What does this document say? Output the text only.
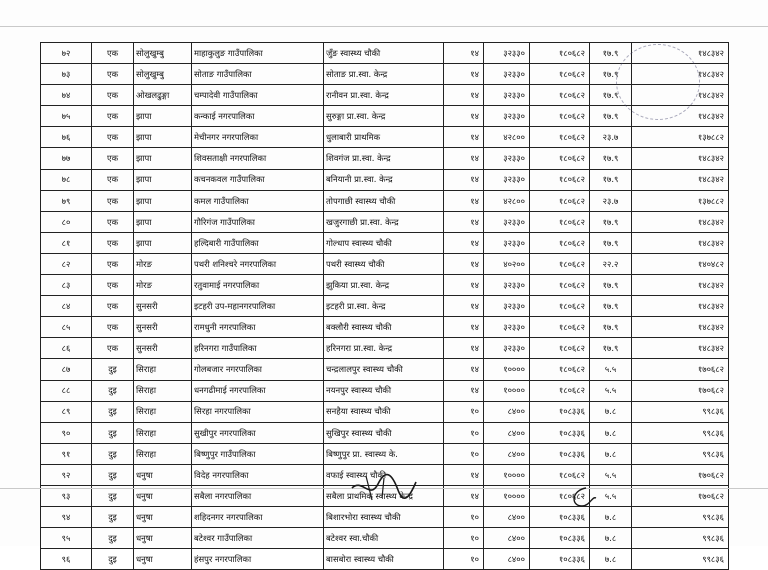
७२	एक	सोलुखुम्बु	माहाकुलुङ गाउँपालिका	जुँङ स्वास्थ्य चौकी	१४	३२३३०	१८०६८२	१७.९	१४८३४२
७३	एक	सोलुखुम्बु	सोताङ गाउँपालिका	सोताङ प्रा.स्वा. केन्द्र	१४	३२३३०	१८०६८२	१७.९	१४८३४२
७४	एक	ओखलढुङ्गा	चम्पादेवी गाउँपालिका	रानीवन प्रा.स्वा. केन्द्र	१४	३२३३०	१८०६८२	१७.९	१४८३४२
७५	एक	झापा	कन्काई नगरपालिका	सुरुङ्गा प्रा.स्वा. केन्द्र	१४	३२३३०	१८०६८२	१७.९	१४८३४२
७६	एक	झापा	मेचीनगर नगरपालिका	धुलाबारी प्राथमिक	१४	४२८००	१८०६८२	२३.७	१३७८८२
७७	एक	झापा	शिवसताक्षी नगरपालिका	शिवगंज प्रा.स्वा. केन्द्र	१४	३२३३०	१८०६८२	१७.९	१४८३४२
७८	एक	झापा	कचनकवल गाउँपालिका	बनियानी प्रा.स्वा. केन्द्र	१४	३२३३०	१८०६८२	१७.९	१४८३४२
७९	एक	झापा	कमल गाउँपालिका	तोपगाछी स्वास्थ्य चौकी	१४	४२८००	१८०६८२	२३.७	१३७८८२
८०	एक	झापा	गौरिगंज गाउँपालिका	खजुरगाछी प्रा.स्वा. केन्द्र	१४	३२३३०	१८०६८२	१७.९	१४८३४२
८१	एक	झापा	हल्दिबारी गाउँपालिका	गोल्धाप स्वास्थ्य चौकी	१४	३२३३०	१८०६८२	१७.९	१४८३४२
८२	एक	मोरङ	पथरी शनिश्चरे नगरपालिका	पथरी स्वास्थ्य चौकी	१४	४०२००	१८०६८२	२२.२	१४०४८२
८३	एक	मोरङ	रतुवामाई नगरपालिका	झुकिया प्रा.स्वा. केन्द्र	१४	३२३३०	१८०६८२	१७.९	१४८३४२
८४	एक	सुनसरी	इटहरी उप-महानगरपालिका	इटहरी प्रा.स्वा. केन्द्र	१४	३२३३०	१८०६८२	१७.९	१४८३४२
८५	एक	सुनसरी	रामधुनी नगरपालिका	बक्लौरी स्वास्थ्य चौकी	१४	३२३३०	१८०६८२	१७.९	१४८३४२
८६	एक	सुनसरी	हरिनगरा गाउँपालिका	हरिनगरा प्रा.स्वा. केन्द्र	१४	३२३३०	१८०६८२	१७.९	१४८३४२
८७	दुइ	सिराहा	गोलबजार नगरपालिका	चन्द्रलालपुर स्वास्थ्य चौकी	१४	१००००	१८०६८२	५.५	१७०६८२
८८	दुइ	सिराहा	धनगढीमाई नगरपालिका	नयनपुर स्वास्थ्य चौकी	१४	१००००	१८०६८२	५.५	१७०६८२
८९	दुइ	सिराहा	सिरहा नगरपालिका	सनहैया स्वास्थ्य चौकी	१०	८४००	१०८३३६	७.८	९९८३६
९०	दुइ	सिराहा	सुखीपुर नगरपालिका	सुखिपुर स्वास्थ्य चौकी	१०	८४००	१०८३३६	७.८	९९८३६
९१	दुइ	सिराहा	बिष्णुपुर गाउँपालिका	बिष्णुपुर प्रा. स्वास्थ्य के.	१०	८४००	१०८३३६	७.८	९९८३६
९२	दुइ	धनुषा	विदेह नगरपालिका	वफाई स्वास्थ्य चौकी	१४	१००००	१८०६८२	५.५	१७०६८२
९३	दुइ	धनुषा	सबैला नगरपालिका	सबैला प्राथमिक स्वास्थ्य केन्द्र	१४	१००००	१८०६८२	५.५	१७०६८२
९४	दुइ	धनुषा	शहिदनगर नगरपालिका	बिशारभोरा स्वास्थ्य चौकी	१०	८४००	१०८३३६	७.८	९९८३६
९५	दुइ	धनुषा	बटेश्वर गाउँपालिका	बटेश्वर स्वा.चौकी	१०	८४००	१०८३३६	७.८	९९८३६
९६	दुइ	धनुषा	हंसपुर नगरपालिका	बासबोरा स्वास्थ्य चौकी	१०	८४००	१०८३३६	७.८	९९८३६
